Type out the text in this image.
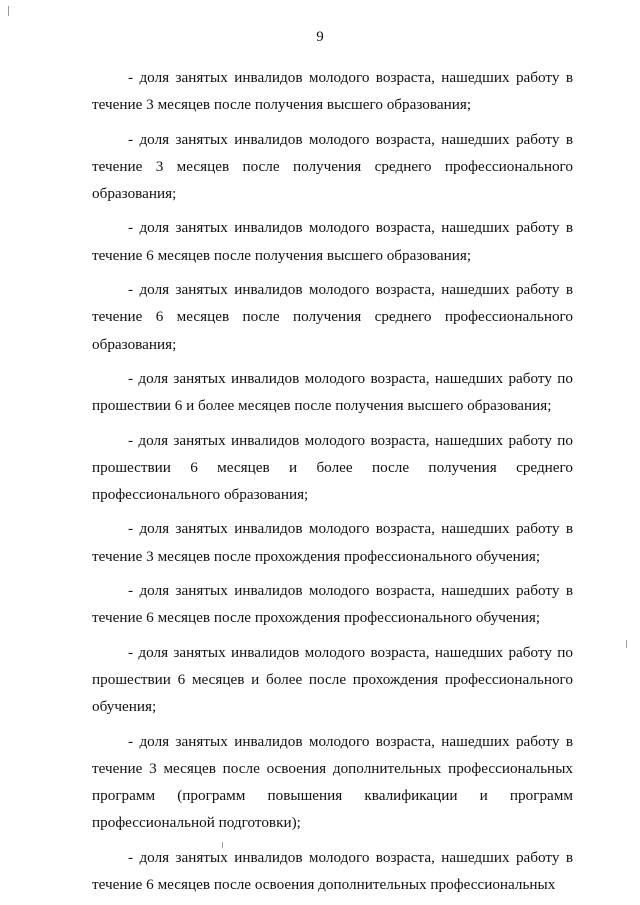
9

- доля занятых инвалидов молодого возраста, нашедших работу в течение 3 месяцев после получения высшего образования;

- доля занятых инвалидов молодого возраста, нашедших работу в течение 3 месяцев после получения среднего профессионального образования;

- доля занятых инвалидов молодого возраста, нашедших работу в течение 6 месяцев после получения высшего образования;

- доля занятых инвалидов молодого возраста, нашедших работу в течение 6 месяцев после получения среднего профессионального образования;

- доля занятых инвалидов молодого возраста, нашедших работу по прошествии 6 и более месяцев после получения высшего образования;

- доля занятых инвалидов молодого возраста, нашедших работу по прошествии 6 месяцев и более после получения среднего профессионального образования;

- доля занятых инвалидов молодого возраста, нашедших работу в течение 3 месяцев после прохождения профессионального обучения;

- доля занятых инвалидов молодого возраста, нашедших работу в течение 6 месяцев после прохождения профессионального обучения;

- доля занятых инвалидов молодого возраста, нашедших работу по прошествии 6 месяцев и более после прохождения профессионального обучения;

- доля занятых инвалидов молодого возраста, нашедших работу в течение 3 месяцев после освоения дополнительных профессиональных программ (программ повышения квалификации и программ профессиональной подготовки);

- доля занятых инвалидов молодого возраста, нашедших работу в течение 6 месяцев после освоения дополнительных профессиональных
